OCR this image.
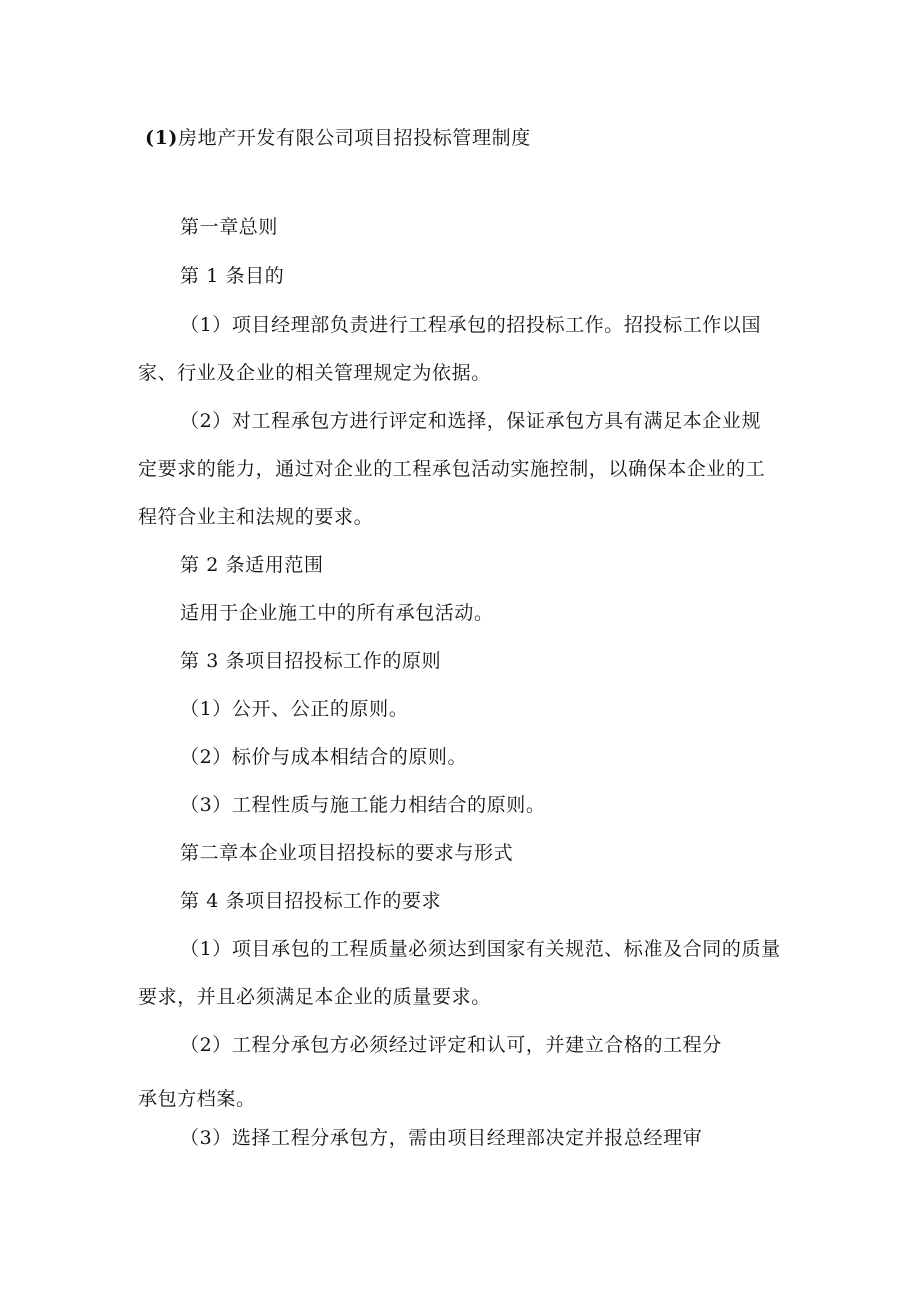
(1)房地产开发有限公司项目招投标管理制度
第一章总则
第 1 条目的
（1）项目经理部负责进行工程承包的招投标工作。招投标工作以国
家、行业及企业的相关管理规定为依据。
（2）对工程承包方进行评定和选择，保证承包方具有满足本企业规
定要求的能力，通过对企业的工程承包活动实施控制，以确保本企业的工
程符合业主和法规的要求。
第 2 条适用范围
适用于企业施工中的所有承包活动。
第 3 条项目招投标工作的原则
（1）公开、公正的原则。
（2）标价与成本相结合的原则。
（3）工程性质与施工能力相结合的原则。
第二章本企业项目招投标的要求与形式
第 4 条项目招投标工作的要求
（1）项目承包的工程质量必须达到国家有关规范、标准及合同的质量
要求，并且必须满足本企业的质量要求。
（2）工程分承包方必须经过评定和认可，并建立合格的工程分
承包方档案。
（3）选择工程分承包方，需由项目经理部决定并报总经理审
